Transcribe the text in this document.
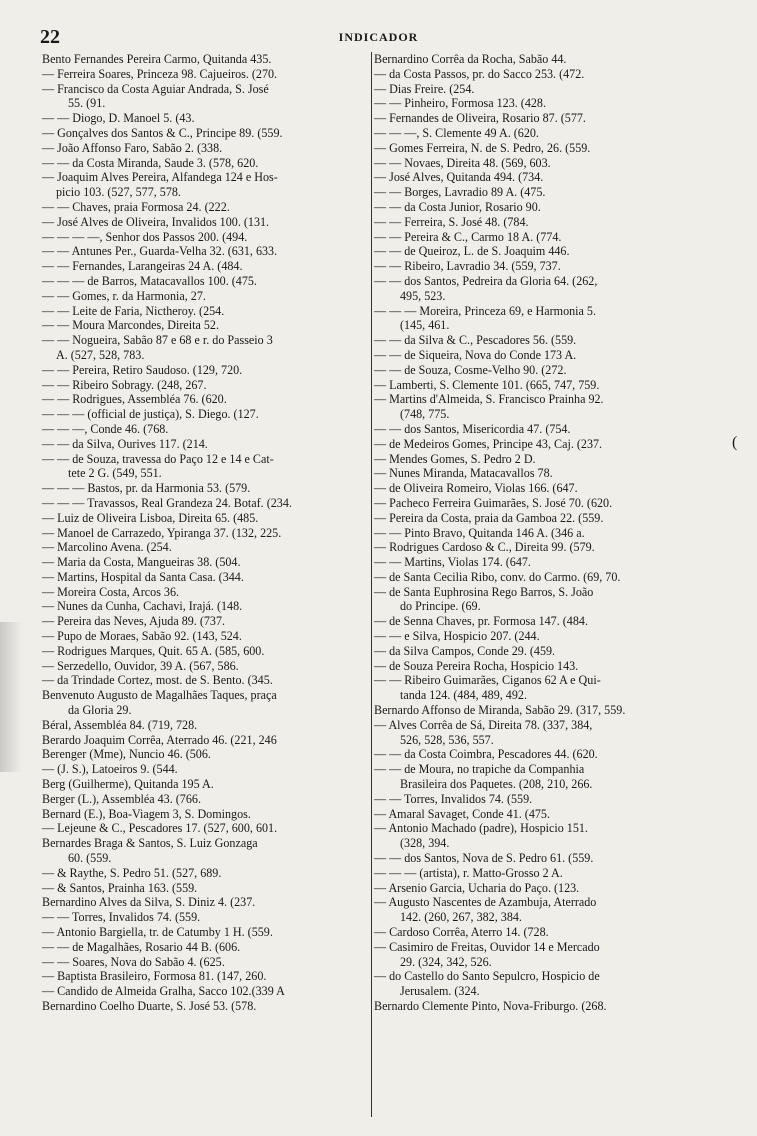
22	INDICADOR
Bento Fernandes Pereira Carmo, Quitanda 435.
— Ferreira Soares, Princeza 98. Cajueiros. (270.
— Francisco da Costa Aguiar Andrada, S. José
55. (91.
— — Diogo, D. Manoel 5. (43.
— Gonçalves dos Santos & C., Principe 89. (559.
— João Affonso Faro, Sabão 2. (338.
— — da Costa Miranda, Saude 3. (578, 620.
— Joaquim Alves Pereira, Alfandega 124 e Hos-
picio 103. (527, 577, 578.
— — Chaves, praia Formosa 24. (222.
— José Alves de Oliveira, Invalidos 100. (131.
— — — —, Senhor dos Passos 200. (494.
— — Antunes Per., Guarda-Velha 32. (631, 633.
— — Fernandes, Larangeiras 24 A. (484.
— — — de Barros, Matacavallos 100. (475.
— — Gomes, r. da Harmonia, 27.
— — Leite de Faria, Nictheroy. (254.
— — Moura Marcondes, Direita 52.
— — Nogueira, Sabão 87 e 68 e r. do Passeio 3
A. (527, 528, 783.
— — Pereira, Retiro Saudoso. (129, 720.
— — Ribeiro Sobragy. (248, 267.
— — Rodrigues, Assembléa 76. (620.
— — — (official de justiça), S. Diego. (127.
— — —, Conde 46. (768.
— — da Silva, Ourives 117. (214.
— — de Souza, travessa do Paço 12 e 14 e Cat-
tete 2 G. (549, 551.
— — — Bastos, pr. da Harmonia 53. (579.
— — — Travassos, Real Grandeza 24. Botaf. (234.
— Luiz de Oliveira Lisboa, Direita 65. (485.
— Manoel de Carrazedo, Ypiranga 37. (132, 225.
— Marcolino Avena. (254.
— Maria da Costa, Mangueiras 38. (504.
— Martins, Hospital da Santa Casa. (344.
— Moreira Costa, Arcos 36.
— Nunes da Cunha, Cachavi, Irajá. (148.
— Pereira das Neves, Ajuda 89. (737.
— Pupo de Moraes, Sabão 92. (143, 524.
— Rodrigues Marques, Quit. 65 A. (585, 600.
— Serzedello, Ouvidor, 39 A. (567, 586.
— da Trindade Cortez, most. de S. Bento. (345.
Benvenuto Augusto de Magalhães Taques, praça
da Gloria 29.
Béral, Assembléa 84. (719, 728.
Berardo Joaquim Corrêa, Aterrado 46. (221, 246
Berenger (Mme), Nuncio 46. (506.
— (J. S.), Latoeiros 9. (544.
Berg (Guilherme), Quitanda 195 A.
Berger (L.), Assembléa 43. (766.
Bernard (E.), Boa-Viagem 3, S. Domingos.
— Lejeune & C., Pescadores 17. (527, 600, 601.
Bernardes Braga & Santos, S. Luiz Gonzaga
60. (559.
— & Raythe, S. Pedro 51. (527, 689.
— & Santos, Prainha 163. (559.
Bernardino Alves da Silva, S. Diniz 4. (237.
— — Torres, Invalidos 74. (559.
— Antonio Bargiella, tr. de Catumby 1 H. (559.
— — de Magalhães, Rosario 44 B. (606.
— — Soares, Nova do Sabão 4. (625.
— Baptista Brasileiro, Formosa 81. (147, 260.
— Candido de Almeida Gralha, Sacco 102.(339 A
Bernardino Coelho Duarte, S. José 53. (578.
Bernardino Corrêa da Rocha, Sabão 44.
— da Costa Passos, pr. do Sacco 253. (472.
— Dias Freire. (254.
— — Pinheiro, Formosa 123. (428.
— Fernandes de Oliveira, Rosario 87. (577.
— — —, S. Clemente 49 A. (620.
— Gomes Ferreira, N. de S. Pedro, 26. (559.
— — Novaes, Direita 48. (569, 603.
— José Alves, Quitanda 494. (734.
— — Borges, Lavradio 89 A. (475.
— — da Costa Junior, Rosario 90.
— — Ferreira, S. José 48. (784.
— — Pereira & C., Carmo 18 A. (774.
— — de Queiroz, L. de S. Joaquim 446.
— — Ribeiro, Lavradio 34. (559, 737.
— — dos Santos, Pedreira da Gloria 64. (262,
495, 523.
— — — Moreira, Princeza 69, e Harmonia 5.
(145, 461.
— — da Silva & C., Pescadores 56. (559.
— — de Siqueira, Nova do Conde 173 A.
— — de Souza, Cosme-Velho 90. (272.
— Lamberti, S. Clemente 101. (665, 747, 759.
— Martins d'Almeida, S. Francisco Prainha 92.
(748, 775.
— — dos Santos, Misericordia 47. (754.
— de Medeiros Gomes, Principe 43, Caj. (237.
— Mendes Gomes, S. Pedro 2 D.
— Nunes Miranda, Matacavallos 78.
— de Oliveira Romeiro, Violas 166. (647.
— Pacheco Ferreira Guimarães, S. José 70. (620.
— Pereira da Costa, praia da Gamboa 22. (559.
— — Pinto Bravo, Quitanda 146 A. (346 a.
— Rodrigues Cardoso & C., Direita 99. (579.
— — Martins, Violas 174. (647.
— de Santa Cecilia Ribo, conv. do Carmo. (69, 70.
— de Santa Euphrosina Rego Barros, S. João
do Principe. (69.
— de Senna Chaves, pr. Formosa 147. (484.
— — e Silva, Hospicio 207. (244.
— da Silva Campos, Conde 29. (459.
— de Souza Pereira Rocha, Hospicio 143.
— — Ribeiro Guimarães, Ciganos 62 A e Qui-
tanda 124. (484, 489, 492.
Bernardo Affonso de Miranda, Sabão 29. (317, 559.
— Alves Corrêa de Sá, Direita 78. (337, 384,
526, 528, 536, 557.
— — da Costa Coimbra, Pescadores 44. (620.
— — de Moura, no trapiche da Companhia
Brasileira dos Paquetes. (208, 210, 266.
— — Torres, Invalidos 74. (559.
— Amaral Savaget, Conde 41. (475.
— Antonio Machado (padre), Hospicio 151.
(328, 394.
— — dos Santos, Nova de S. Pedro 61. (559.
— — — (artista), r. Matto-Grosso 2 A.
— Arsenio Garcia, Ucharia do Paço. (123.
— Augusto Nascentes de Azambuja, Aterrado
142. (260, 267, 382, 384.
— Cardoso Corrêa, Aterro 14. (728.
— Casimiro de Freitas, Ouvidor 14 e Mercado
29. (324, 342, 526.
— do Castello do Santo Sepulcro, Hospicio de
Jerusalem. (324.
Bernardo Clemente Pinto, Nova-Friburgo. (268.
(
